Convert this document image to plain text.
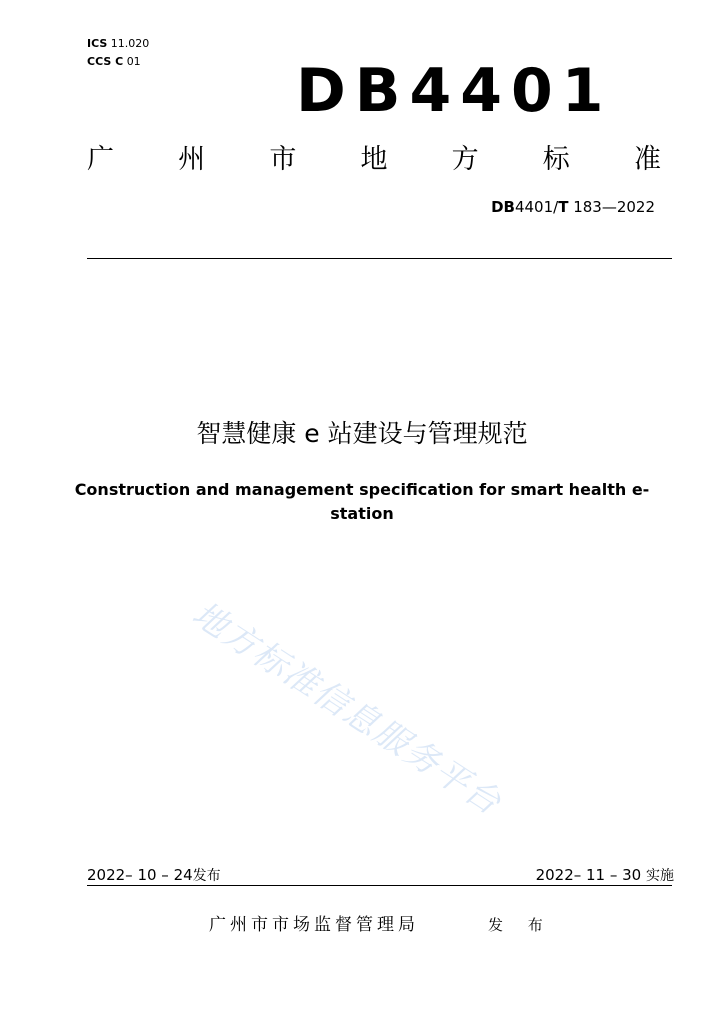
ICS 11.020
CCS C 01	DB4401
广 州 市 地 方 标 准
DB4401/T 183—2022
智慧健康 e 站建设与管理规范
Construction and management specification for smart health e-station
地方标准信息服务平台
2022– 10 – 24发布	2022– 11 – 30 实施
广州市市场监督管理局	发 布
